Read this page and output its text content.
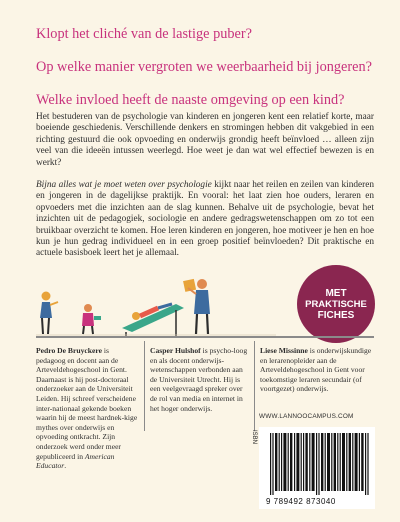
Klopt het cliché van de lastige puber?

Op welke manier vergroten we weerbaarheid bij jongeren?

Welke invloed heeft de naaste omgeving op een kind?

Het bestuderen van de psychologie van kinderen en jongeren kent een relatief korte, maar boeiende geschiedenis. Verschillende denkers en stromingen hebben dit vakgebied in een richting gestuurd die ook opvoeding en onderwijs grondig heeft beïnvloed … alleen zijn veel van die ideeën intussen weerlegd. Hoe weet je dan wat wel effectief bewezen is en werkt?

Bijna alles wat je moet weten over psychologie kijkt naar het reilen en zeilen van kinderen en jongeren in de dagelijkse praktijk. En vooral: het laat zien hoe ouders, leraren en opvoeders met die inzichten aan de slag kunnen. Behalve uit de psychologie, bevat het inzichten uit de pedagogiek, sociologie en andere gedragswetenschappen om zo tot een bruikbaar overzicht te komen. Hoe leren kinderen en jongeren, hoe motiveer je hen en hoe kun je hun gedrag individueel en in een groep positief beïnvloeden? Dit praktische en actuele basisboek leert het je allemaal.

MET
PRAKTISCHE
FICHES
Pedro De Bruyckere is pedagoog en docent aan de Arteveldehogeschool in Gent. Daarnaast is hij post-doctoraal onderzoeker aan de Universiteit Leiden. Hij schreef verscheidene inter-nationaal gekende boeken waarin hij de meest hardnek-kige mythes over onderwijs en opvoeding ontkracht. Zijn onderzoek werd onder meer gepubliceerd in American Educator.
Casper Hulshof is psycho-loog en als docent onderwijs-wetenschappen verbonden aan de Universiteit Utrecht. Hij is een veelgevraagd spreker over de rol van media en internet in het hoger onderwijs.
Liese Missinne is onderwijskundige en lerarenopleider aan de Arteveldehogeschool in Gent voor toekomstige leraren secundair (of voortgezet) onderwijs.
WWW.LANNOOCAMPUS.COM
ISBN
9 789492 873040
